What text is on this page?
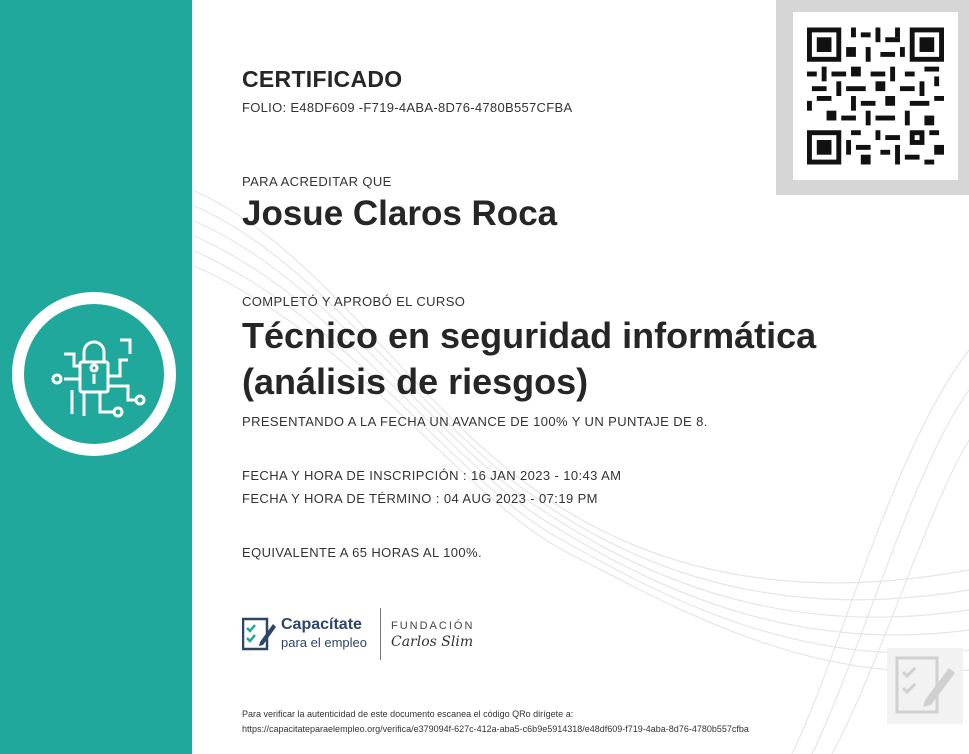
CERTIFICADO
FOLIO: E48DF609 -F719-4ABA-8D76-4780B557CFBA
PARA ACREDITAR QUE
Josue Claros Roca
COMPLETÓ Y APROBÓ EL CURSO
Técnico en seguridad informática
(análisis de riesgos)
PRESENTANDO A LA FECHA UN AVANCE DE 100% Y UN PUNTAJE DE 8.
FECHA Y HORA DE INSCRIPCIÓN : 16 JAN 2023 - 10:43 AM
FECHA Y HORA DE TÉRMINO : 04 AUG 2023 - 07:19 PM
EQUIVALENTE A 65 HORAS AL 100%.
Capacítate
para el empleo
FUNDACIÓN
Carlos Slim
Para verificar la autenticidad de este documento escanea el código QRo dirígete a:
https://capacitateparaelempleo.org/verifica/e379094f-627c-412a-aba5-c6b9e5914318/e48df609-f719-4aba-8d76-4780b557cfba
